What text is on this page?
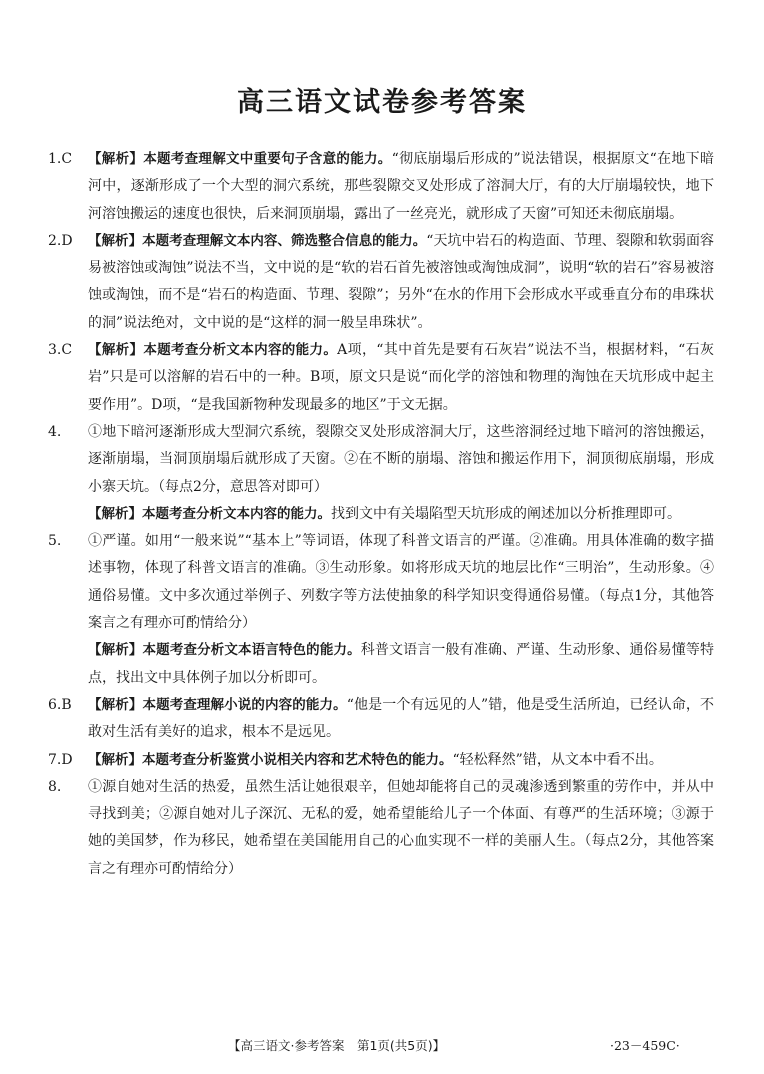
高三语文试卷参考答案
1.C 【解析】本题考查理解文中重要句子含意的能力。“彻底崩塌后形成的”说法错误，根据原文“在地下暗河中，逐渐形成了一个大型的洞穴系统，那些裂隙交叉处形成了溶洞大厅，有的大厅崩塌较快，地下河溶蚀搬运的速度也很快，后来洞顶崩塌，露出了一丝亮光，就形成了天窗”可知还未彻底崩塌。
2.D 【解析】本题考查理解文本内容、筛选整合信息的能力。“天坑中岩石的构造面、节理、裂隙和软弱面容易被溶蚀或淘蚀”说法不当，文中说的是“软的岩石首先被溶蚀或淘蚀成洞”，说明“软的岩石”容易被溶蚀或淘蚀，而不是“岩石的构造面、节理、裂隙”；另外“在水的作用下会形成水平或垂直分布的串珠状的洞”说法绝对，文中说的是“这样的洞一般呈串珠状”。
3.C 【解析】本题考查分析文本内容的能力。A项，“其中首先是要有石灰岩”说法不当，根据材料，“石灰岩”只是可以溶解的岩石中的一种。B项，原文只是说“而化学的溶蚀和物理的淘蚀在天坑形成中起主要作用”。D项，“是我国新物种发现最多的地区”于文无据。
4. ①地下暗河逐渐形成大型洞穴系统，裂隙交叉处形成溶洞大厅，这些溶洞经过地下暗河的溶蚀搬运，逐渐崩塌，当洞顶崩塌后就形成了天窗。②在不断的崩塌、溶蚀和搬运作用下，洞顶彻底崩塌，形成小寨天坑。（每点2分，意思答对即可）
【解析】本题考查分析文本内容的能力。找到文中有关塌陷型天坑形成的阐述加以分析推理即可。
5. ①严谨。如用“一般来说”“基本上”等词语，体现了科普文语言的严谨。②准确。用具体准确的数字描述事物，体现了科普文语言的准确。③生动形象。如将形成天坑的地层比作“三明治”，生动形象。④通俗易懂。文中多次通过举例子、列数字等方法使抽象的科学知识变得通俗易懂。（每点1分，其他答案言之有理亦可酌情给分）
【解析】本题考查分析文本语言特色的能力。科普文语言一般有准确、严谨、生动形象、通俗易懂等特点，找出文中具体例子加以分析即可。
6.B 【解析】本题考查理解小说的内容的能力。“他是一个有远见的人”错，他是受生活所迫，已经认命，不敢对生活有美好的追求，根本不是远见。
7.D 【解析】本题考查分析鉴赏小说相关内容和艺术特色的能力。“轻松释然”错，从文本中看不出。
8. ①源自她对生活的热爱，虽然生活让她很艰辛，但她却能将自己的灵魂渗透到繁重的劳作中，并从中寻找到美；②源自她对儿子深沉、无私的爱，她希望能给儿子一个体面、有尊严的生活环境；③源于她的美国梦，作为移民，她希望在美国能用自己的心血实现不一样的美丽人生。（每点2分，其他答案言之有理亦可酌情给分）
【高三语文·参考答案　第1页(共5页)】	·23－459C·
